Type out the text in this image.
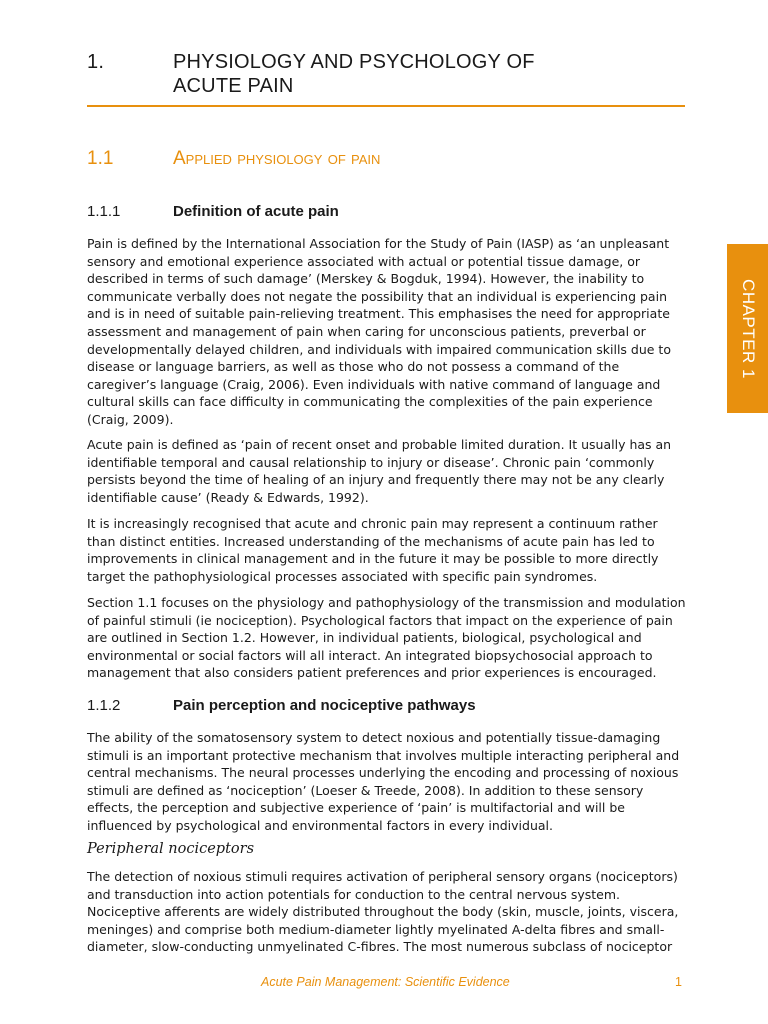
1.	PHYSIOLOGY AND PSYCHOLOGY OF ACUTE PAIN
1.1	Applied physiology of pain
1.1.1	Definition of acute pain

Pain is defined by the International Association for the Study of Pain (IASP) as ‘an unpleasant sensory and emotional experience associated with actual or potential tissue damage, or described in terms of such damage’ (Merskey & Bogduk, 1994). However, the inability to communicate verbally does not negate the possibility that an individual is experiencing pain and is in need of suitable pain-relieving treatment. This emphasises the need for appropriate assessment and management of pain when caring for unconscious patients, preverbal or developmentally delayed children, and individuals with impaired communication skills due to disease or language barriers, as well as those who do not possess a command of the caregiver’s language (Craig, 2006). Even individuals with native command of language and cultural skills can face difficulty in communicating the complexities of the pain experience (Craig, 2009).

Acute pain is defined as ‘pain of recent onset and probable limited duration. It usually has an identifiable temporal and causal relationship to injury or disease’. Chronic pain ‘commonly persists beyond the time of healing of an injury and frequently there may not be any clearly identifiable cause’ (Ready & Edwards, 1992).

It is increasingly recognised that acute and chronic pain may represent a continuum rather than distinct entities. Increased understanding of the mechanisms of acute pain has led to improvements in clinical management and in the future it may be possible to more directly target the pathophysiological processes associated with specific pain syndromes.

Section 1.1 focuses on the physiology and pathophysiology of the transmission and modulation of painful stimuli (ie nociception). Psychological factors that impact on the experience of pain are outlined in Section 1.2. However, in individual patients, biological, psychological and environmental or social factors will all interact. An integrated biopsychosocial approach to management that also considers patient preferences and prior experiences is encouraged.

1.1.2	Pain perception and nociceptive pathways

The ability of the somatosensory system to detect noxious and potentially tissue-damaging stimuli is an important protective mechanism that involves multiple interacting peripheral and central mechanisms. The neural processes underlying the encoding and processing of noxious stimuli are defined as ‘nociception’ (Loeser & Treede, 2008). In addition to these sensory effects, the perception and subjective experience of ‘pain’ is multifactorial and will be influenced by psychological and environmental factors in every individual.

Peripheral nociceptors

The detection of noxious stimuli requires activation of peripheral sensory organs (nociceptors) and transduction into action potentials for conduction to the central nervous system. Nociceptive afferents are widely distributed throughout the body (skin, muscle, joints, viscera, meninges) and comprise both medium-diameter lightly myelinated A-delta fibres and small-diameter, slow-conducting unmyelinated C-fibres. The most numerous subclass of nociceptor

CHAPTER 1
Acute Pain Management: Scientific Evidence	1
